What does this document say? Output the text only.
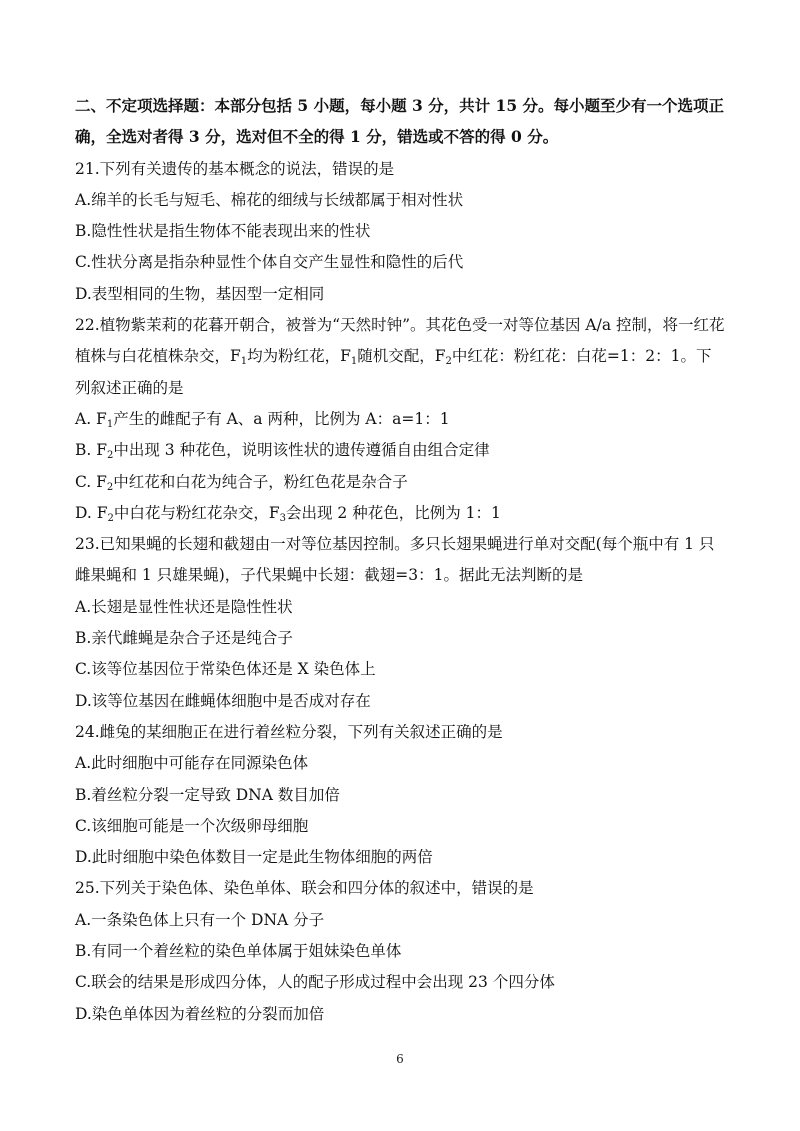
二、不定项选择题：本部分包括 5 小题，每小题 3 分，共计 15 分。每小题至少有一个选项正

确，全选对者得 3 分，选对但不全的得 1 分，错选或不答的得 0 分。

21.下列有关遗传的基本概念的说法，错误的是

A.绵羊的长毛与短毛、棉花的细绒与长绒都属于相对性状

B.隐性性状是指生物体不能表现出来的性状

C.性状分离是指杂种显性个体自交产生显性和隐性的后代

D.表型相同的生物，基因型一定相同

22.植物紫茉莉的花暮开朝合，被誉为“天然时钟”。其花色受一对等位基因 A/a 控制，将一红花

植株与白花植株杂交，$F_1$均为粉红花，$F_1$随机交配，$F_2$中红花：粉红花：白花=1：2：1。下

列叙述正确的是

A. $F_1$产生的雌配子有 A、a 两种，比例为 A：a=1：1

B. $F_2$中出现 3 种花色，说明该性状的遗传遵循自由组合定律

C. $F_2$中红花和白花为纯合子，粉红色花是杂合子

D. $F_2$中白花与粉红花杂交，$F_3$会出现 2 种花色，比例为 1：1

23.已知果蝇的长翅和截翅由一对等位基因控制。多只长翅果蝇进行单对交配(每个瓶中有 1 只

雌果蝇和 1 只雄果蝇)，子代果蝇中长翅：截翅=3：1。据此无法判断的是

A.长翅是显性性状还是隐性性状

B.亲代雌蝇是杂合子还是纯合子

C.该等位基因位于常染色体还是 X 染色体上

D.该等位基因在雌蝇体细胞中是否成对存在

24.雌兔的某细胞正在进行着丝粒分裂，下列有关叙述正确的是

A.此时细胞中可能存在同源染色体

B.着丝粒分裂一定导致 DNA 数目加倍

C.该细胞可能是一个次级卵母细胞

D.此时细胞中染色体数目一定是此生物体细胞的两倍

25.下列关于染色体、染色单体、联会和四分体的叙述中，错误的是

A.一条染色体上只有一个 DNA 分子

B.有同一个着丝粒的染色单体属于姐妹染色单体

C.联会的结果是形成四分体，人的配子形成过程中会出现 23 个四分体

D.染色单体因为着丝粒的分裂而加倍

6
